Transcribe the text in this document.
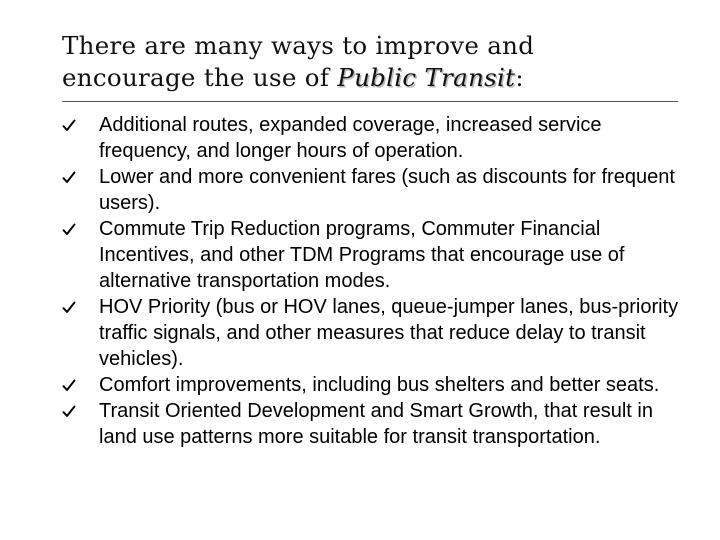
There are many ways to improve and
encourage the use of Public Transit:
Additional routes, expanded coverage, increased service frequency, and longer hours of operation.
Lower and more convenient fares (such as discounts for frequent users).
Commute Trip Reduction programs, Commuter Financial Incentives, and other TDM Programs that encourage use of alternative transportation modes.
HOV Priority (bus or HOV lanes, queue-jumper lanes, bus-priority traffic signals, and other measures that reduce delay to transit vehicles).
Comfort improvements, including bus shelters and better seats.
Transit Oriented Development and Smart Growth, that result in land use patterns more suitable for transit transportation.
